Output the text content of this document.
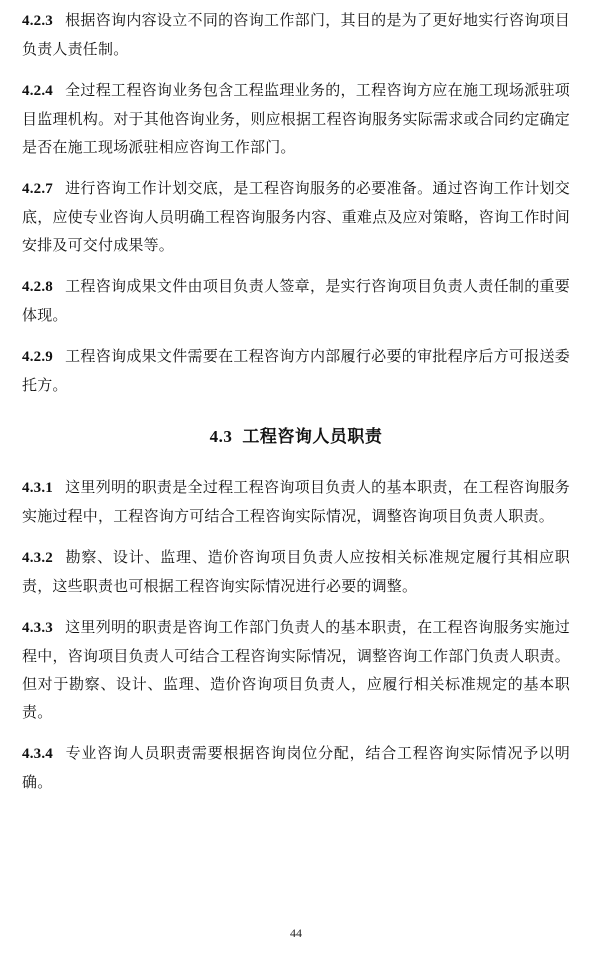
4.2.3 根据咨询内容设立不同的咨询工作部门，其目的是为了更好地实行咨询项目负责人责任制。

4.2.4 全过程工程咨询业务包含工程监理业务的，工程咨询方应在施工现场派驻项目监理机构。对于其他咨询业务，则应根据工程咨询服务实际需求或合同约定确定是否在施工现场派驻相应咨询工作部门。

4.2.7 进行咨询工作计划交底，是工程咨询服务的必要准备。通过咨询工作计划交底，应使专业咨询人员明确工程咨询服务内容、重难点及应对策略，咨询工作时间安排及可交付成果等。

4.2.8 工程咨询成果文件由项目负责人签章，是实行咨询项目负责人责任制的重要体现。

4.2.9 工程咨询成果文件需要在工程咨询方内部履行必要的审批程序后方可报送委托方。

4.3 工程咨询人员职责

4.3.1 这里列明的职责是全过程工程咨询项目负责人的基本职责，在工程咨询服务实施过程中，工程咨询方可结合工程咨询实际情况，调整咨询项目负责人职责。

4.3.2 勘察、设计、监理、造价咨询项目负责人应按相关标准规定履行其相应职责，这些职责也可根据工程咨询实际情况进行必要的调整。

4.3.3 这里列明的职责是咨询工作部门负责人的基本职责，在工程咨询服务实施过程中，咨询项目负责人可结合工程咨询实际情况，调整咨询工作部门负责人职责。但对于勘察、设计、监理、造价咨询项目负责人，应履行相关标准规定的基本职责。

4.3.4 专业咨询人员职责需要根据咨询岗位分配，结合工程咨询实际情况予以明确。

44
